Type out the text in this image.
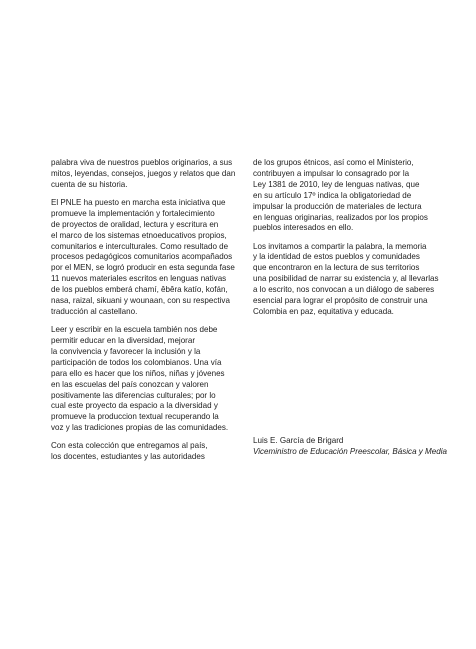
palabra viva de nuestros pueblos originarios, a sus
mitos, leyendas, consejos, juegos y relatos que dan
cuenta de su historia.

El PNLE ha puesto en marcha esta iniciativa que
promueve la implementación y fortalecimiento
de proyectos de oralidad, lectura y escritura en
el marco de los sistemas etnoeducativos propios,
comunitarios e interculturales. Como resultado de
procesos pedagógicos comunitarios acompañados
por el MEN, se logró producir en esta segunda fase
11 nuevos materiales escritos en lenguas nativas
de los pueblos emberá chamí, êbêra katío, kofán,
nasa, raizal, sikuani y wounaan, con su respectiva
traducción al castellano.

Leer y escribir en la escuela también nos debe
permitir educar en la diversidad, mejorar
la convivencia y favorecer la inclusión y la
participación de todos los colombianos. Una vía
para ello es hacer que los niños, niñas y jóvenes
en las escuelas del país conozcan y valoren
positivamente las diferencias culturales; por lo
cual este proyecto da espacio a la diversidad y
promueve la produccion textual recuperando la
voz y las tradiciones propias de las comunidades.

Con esta colección que entregamos al país,
los docentes, estudiantes y las autoridades

de los grupos étnicos, así como el Ministerio,
contribuyen a impulsar lo consagrado por la
Ley 1381 de 2010, ley de lenguas nativas, que
en su artículo 17º indica la obligatoriedad de
impulsar la producción de materiales de lectura
en lenguas originarias, realizados por los propios
pueblos interesados en ello.

Los invitamos a compartir la palabra, la memoria
y la identidad de estos pueblos y comunidades
que encontraron en la lectura de sus territorios
una posibilidad de narrar su existencia y, al llevarlas
a lo escrito, nos convocan a un diálogo de saberes
esencial para lograr el propósito de construir una
Colombia en paz, equitativa y educada.

Luis E. García de Brigard
Viceministro de Educación Preescolar, Básica y Media
